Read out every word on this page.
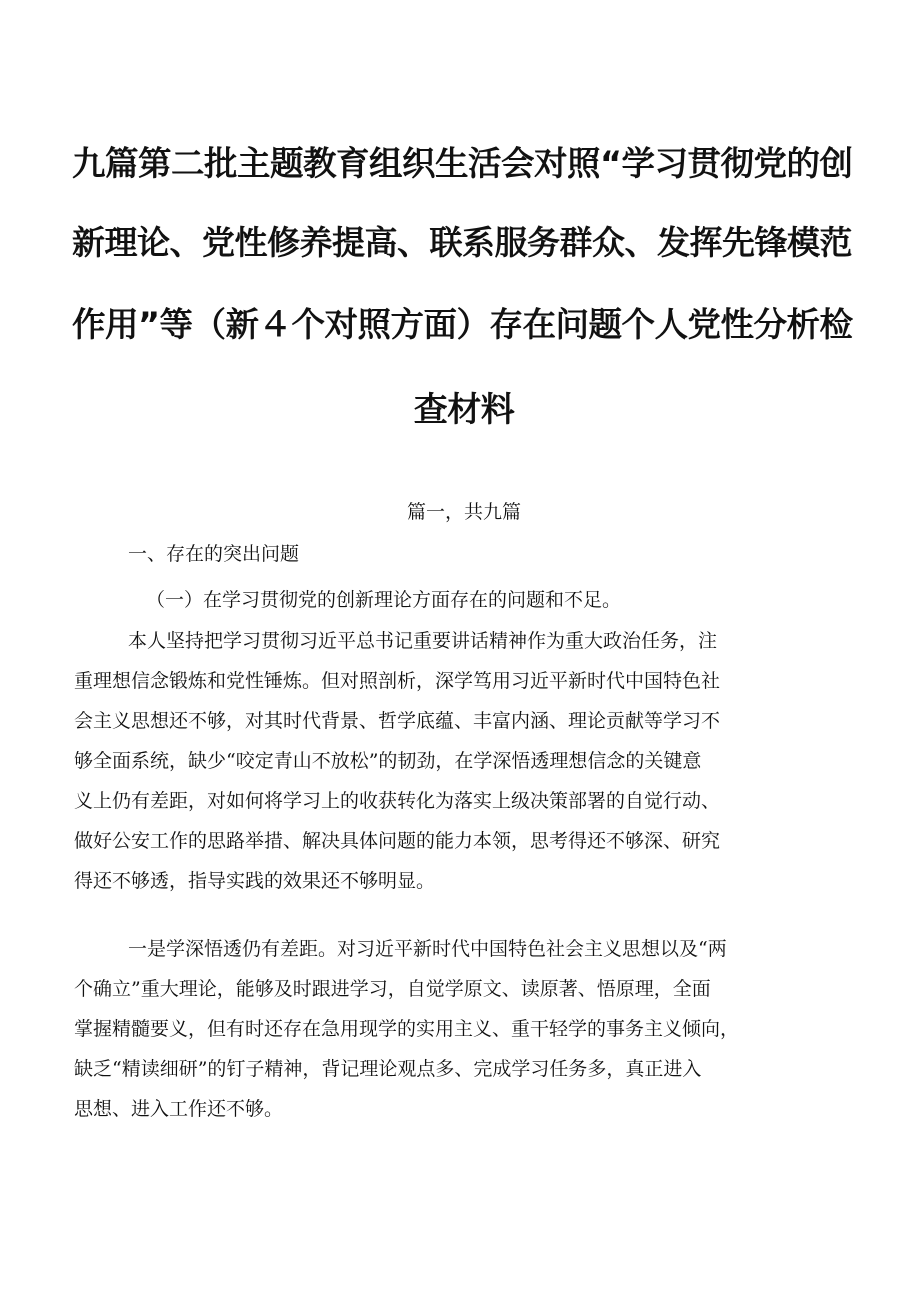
九篇第二批主题教育组织生活会对照“学习贯彻党的创
新理论、党性修养提高、联系服务群众、发挥先锋模范
作用”等（新４个对照方面）存在问题个人党性分析检
查材料
篇一，共九篇
一、存在的突出问题
（一）在学习贯彻党的创新理论方面存在的问题和不足。
本人坚持把学习贯彻习近平总书记重要讲话精神作为重大政治任务，注
重理想信念锻炼和党性锤炼。但对照剖析，深学笃用习近平新时代中国特色社
会主义思想还不够，对其时代背景、哲学底蕴、丰富内涵、理论贡献等学习不
够全面系统，缺少“咬定青山不放松”的韧劲，在学深悟透理想信念的关键意
义上仍有差距，对如何将学习上的收获转化为落实上级决策部署的自觉行动、
做好公安工作的思路举措、解决具体问题的能力本领，思考得还不够深、研究
得还不够透，指导实践的效果还不够明显。
一是学深悟透仍有差距。对习近平新时代中国特色社会主义思想以及“两
个确立”重大理论，能够及时跟进学习，自觉学原文、读原著、悟原理，全面
掌握精髓要义，但有时还存在急用现学的实用主义、重干轻学的事务主义倾向，
缺乏“精读细研”的钉子精神，背记理论观点多、完成学习任务多，真正进入
思想、进入工作还不够。
